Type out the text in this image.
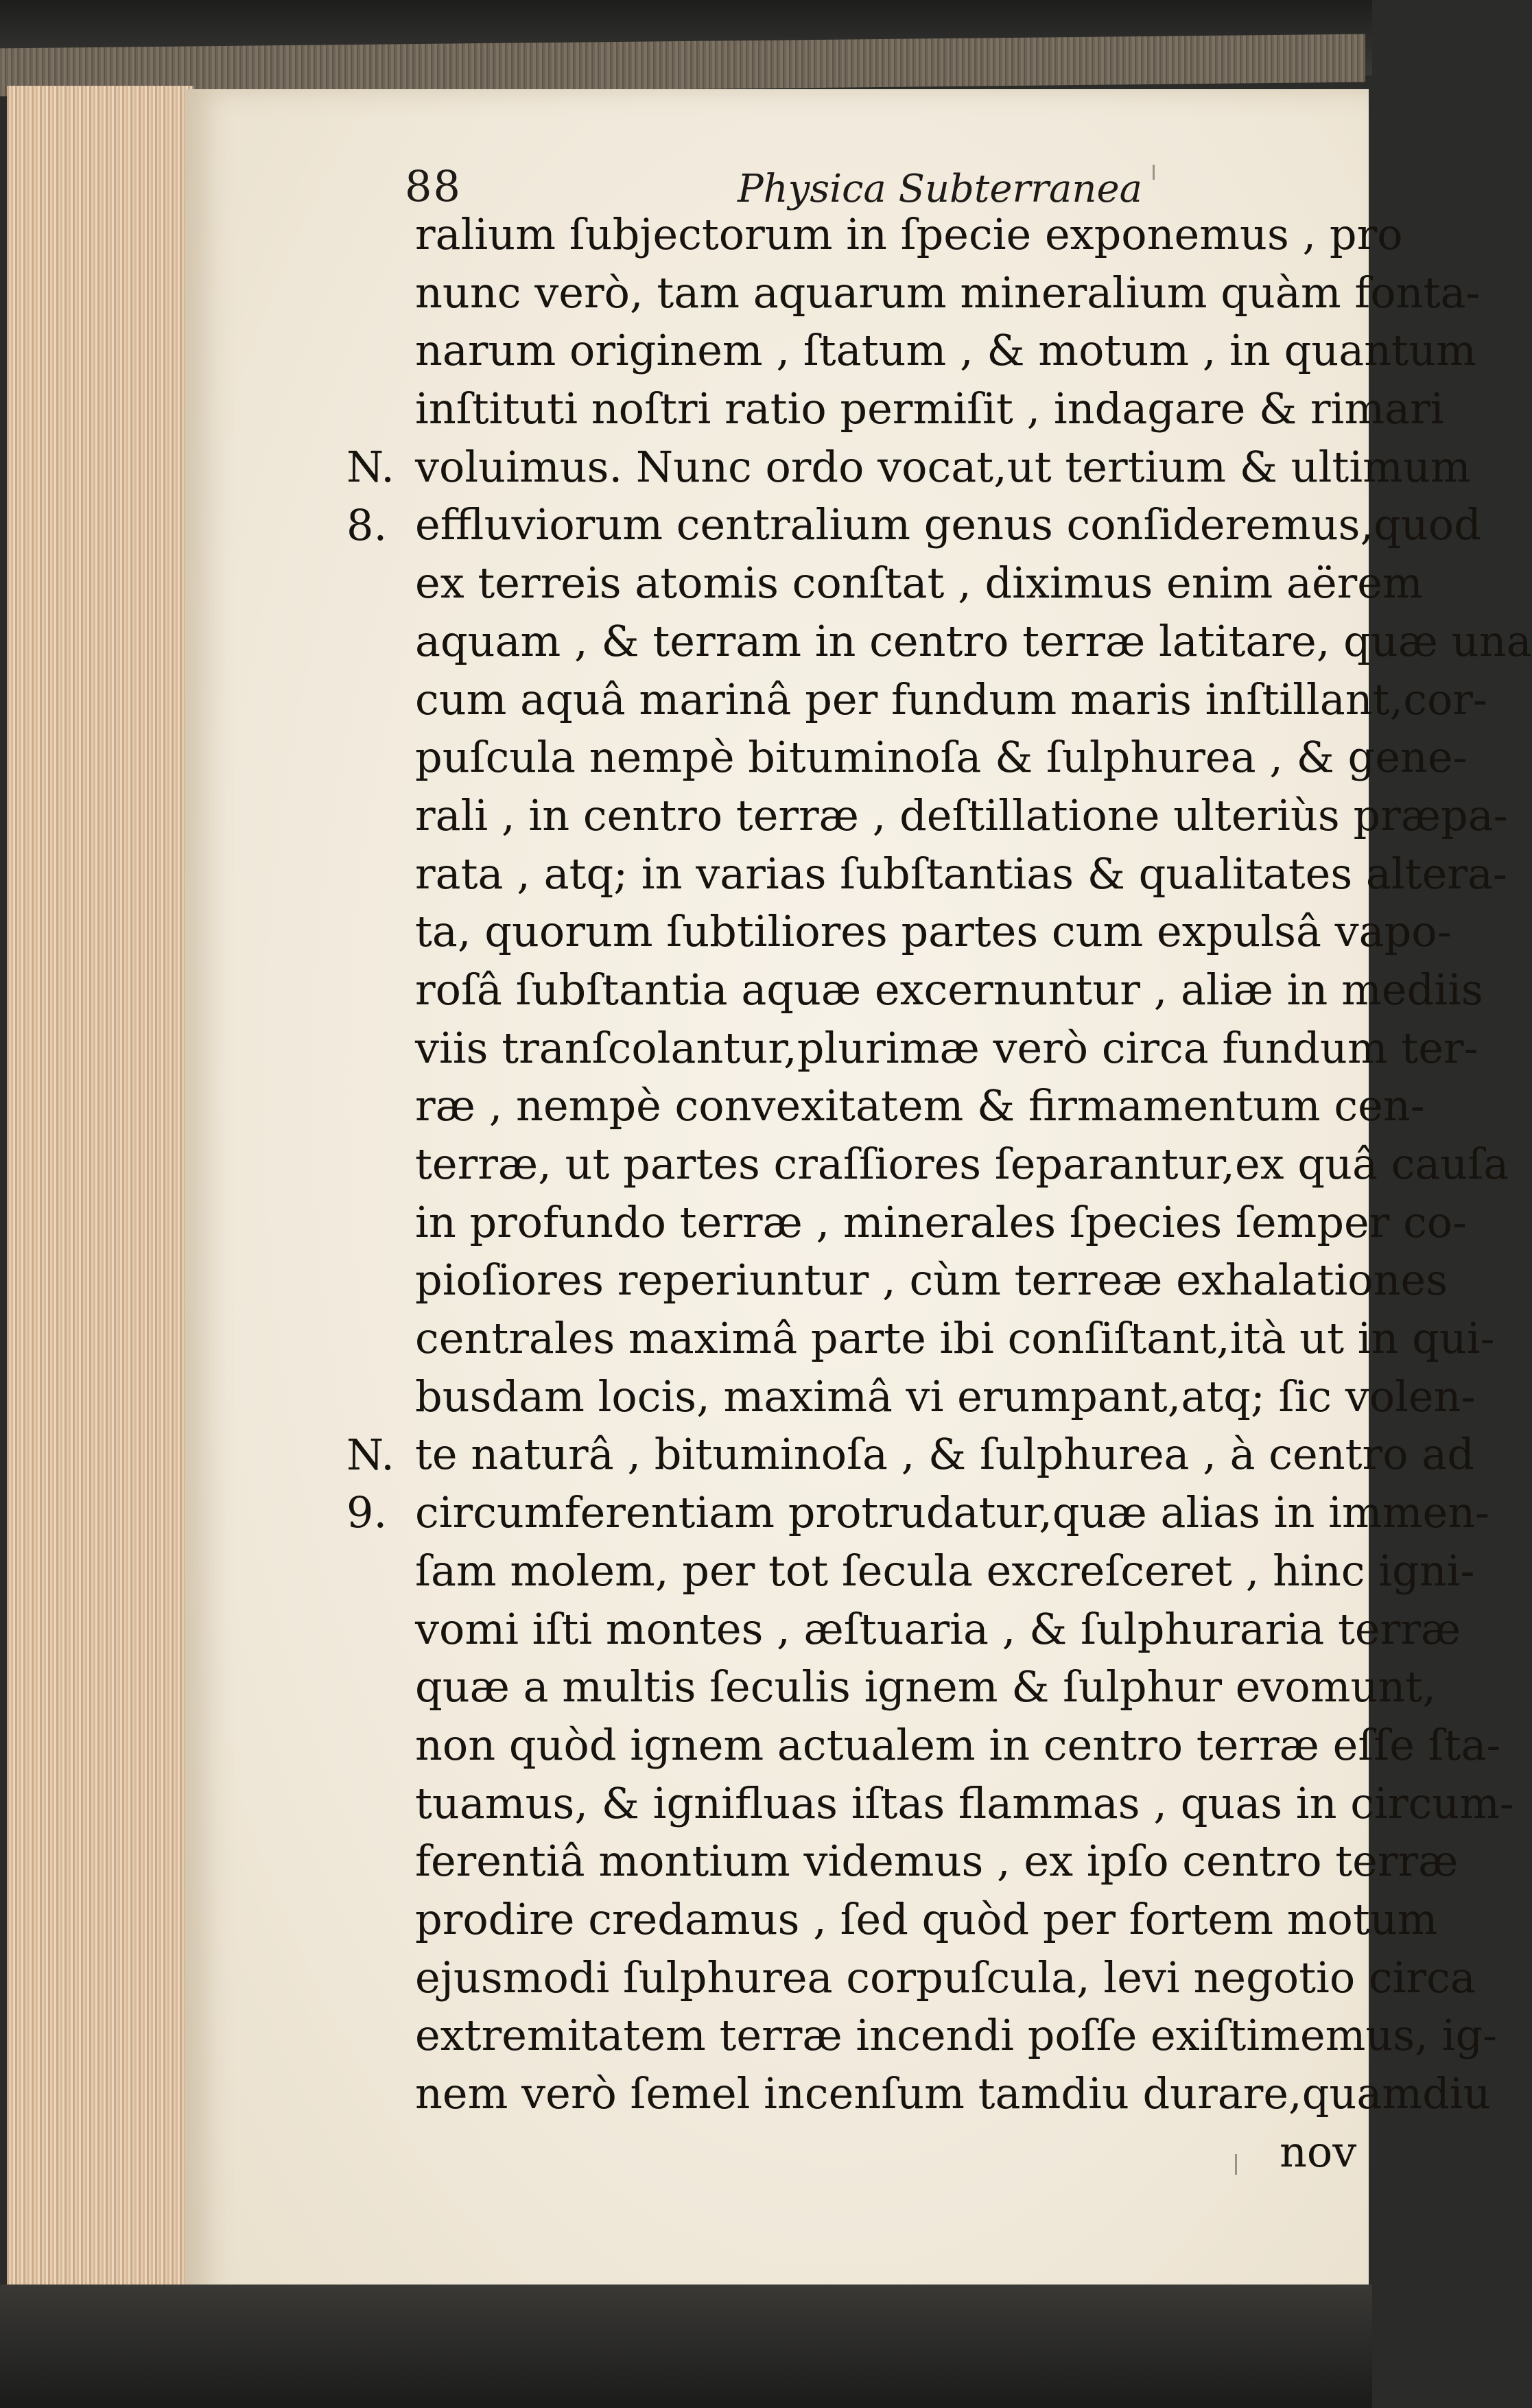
88	Physica Subterranea
ralium ſubjectorum in ſpecie exponemus , pro
nunc verò, tam aquarum mineralium quàm fonta-
narum originem , ſtatum , & motum , in quantum
inſtituti noſtri ratio permiſit , indagare & rimari
voluimus. Nunc ordo vocat,ut tertium & ultimum
effluviorum centralium genus conſideremus,quod
ex terreis atomis conſtat , diximus enim aërem
aquam , & terram in centro terræ latitare, quæ una
cum aquâ marinâ per fundum maris inſtillant,cor-
puſcula nempè bituminoſa & ſulphurea , & gene-
rali , in centro terræ , deſtillatione ulteriùs præpa-
rata , atq; in varias ſubſtantias & qualitates altera-
ta, quorum ſubtiliores partes cum expulsâ vapo-
roſâ ſubſtantia aquæ excernuntur , aliæ in mediis
viis tranſcolantur,plurimæ verò circa fundum ter-
ræ , nempè convexitatem & firmamentum cen-
terræ, ut partes craſſiores ſeparantur,ex quâ cauſa
in profundo terræ , minerales ſpecies ſemper co-
pioſiores reperiuntur , cùm terreæ exhalationes
centrales maximâ parte ibi conſiſtant,ità ut in qui-
busdam locis, maximâ vi erumpant,atq; ſic volen-
te naturâ , bituminoſa , & ſulphurea , à centro ad
circumferentiam protrudatur,quæ alias in immen-
ſam molem, per tot ſecula excreſceret , hinc igni-
vomi iſti montes , æſtuaria , & ſulphuraria terræ
quæ a multis ſeculis ignem & ſulphur evomunt,
non quòd ignem actualem in centro terræ eſſe ſta-
tuamus, & ignifluas iſtas flammas , quas in circum-
ferentiâ montium videmus , ex ipſo centro terræ
prodire credamus , ſed quòd per fortem motum
ejusmodi ſulphurea corpuſcula, levi negotio circa
extremitatem terræ incendi poſſe exiſtimemus, ig-
nem verò ſemel incenſum tamdiu durare,quamdiu
nov
N.
8.
N.
9.
